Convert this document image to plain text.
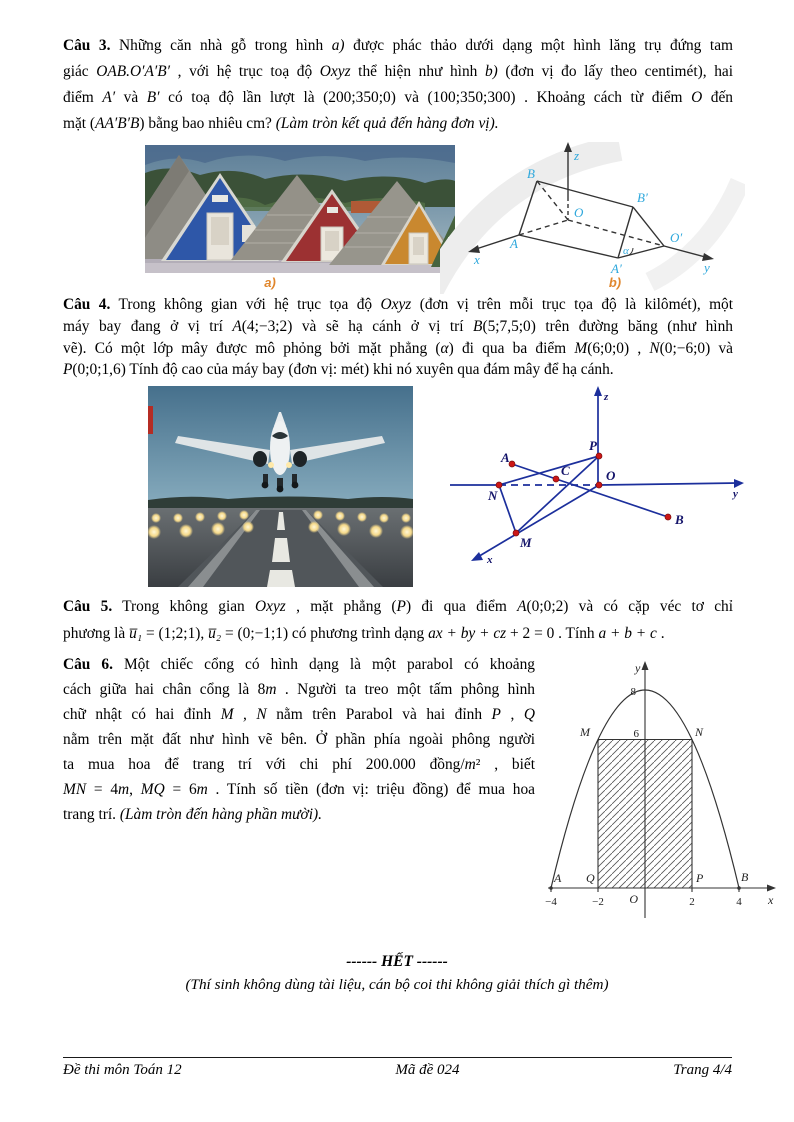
Câu 3. Những căn nhà gỗ trong hình a) được phác thảo dưới dạng một hình lăng trụ đứng tam
giác OAB.O′A′B′ , với hệ trục toạ độ Oxyz thể hiện như hình b) (đơn vị đo lấy theo centimét), hai
điểm A′ và B′ có toạ độ lần lượt là (200;350;0) và (100;350;300) . Khoảng cách từ điểm O đến
mặt (AA′B′B) bằng bao nhiêu cm? (Làm tròn kết quả đến hàng đơn vị).
a)
z
B
O
A
x
B′
O′
A′	y
α
b)
Câu 4. Trong không gian với hệ trục tọa độ Oxyz (đơn vị trên mỗi trục tọa độ là kilômét), một
máy bay đang ở vị trí A(4;−3;2) và sẽ hạ cánh ở vị trí B(5;7,5;0) trên đường băng (như hình
vẽ). Có một lớp mây được mô phỏng bởi mặt phẳng (α) đi qua ba điểm M(6;0;0) , N(0;−6;0) và
P(0;0;1,6) Tính độ cao của máy bay (đơn vị: mét) khi nó xuyên qua đám mây để hạ cánh.
z
y
x
A
C
P
O
N
M
B
Câu 5. Trong không gian Oxyz , mặt phẳng (P) đi qua điểm A(0;0;2) và có cặp véc tơ chỉ
phương là u̅₁ = (1;2;1), u̅₂ = (0;−1;1) có phương trình dạng ax + by + cz + 2 = 0 . Tính a + b + c .
Câu 6. Một chiếc cổng có hình dạng là một parabol có khoảng
cách giữa hai chân cổng là 8m . Người ta treo một tấm phông hình
chữ nhật có hai đỉnh M , N nằm trên Parabol và hai đỉnh P , Q
nằm trên mặt đất như hình vẽ bên. Ở phần phía ngoài phông người
ta mua hoa để trang trí với chi phí 200.000 đồng/m² , biết
MN = 4m, MQ = 6m . Tính số tiền (đơn vị: triệu đồng) để mua hoa
trang trí. (Làm tròn đến hàng phần mười).
y
x
8
6
M	N
A Q	P	B
O
−4	−2	2	4
------ HẾT ------
(Thí sinh không dùng tài liệu, cán bộ coi thi không giải thích gì thêm)
Đề thi môn Toán 12	Mã đề 024	Trang 4/4
